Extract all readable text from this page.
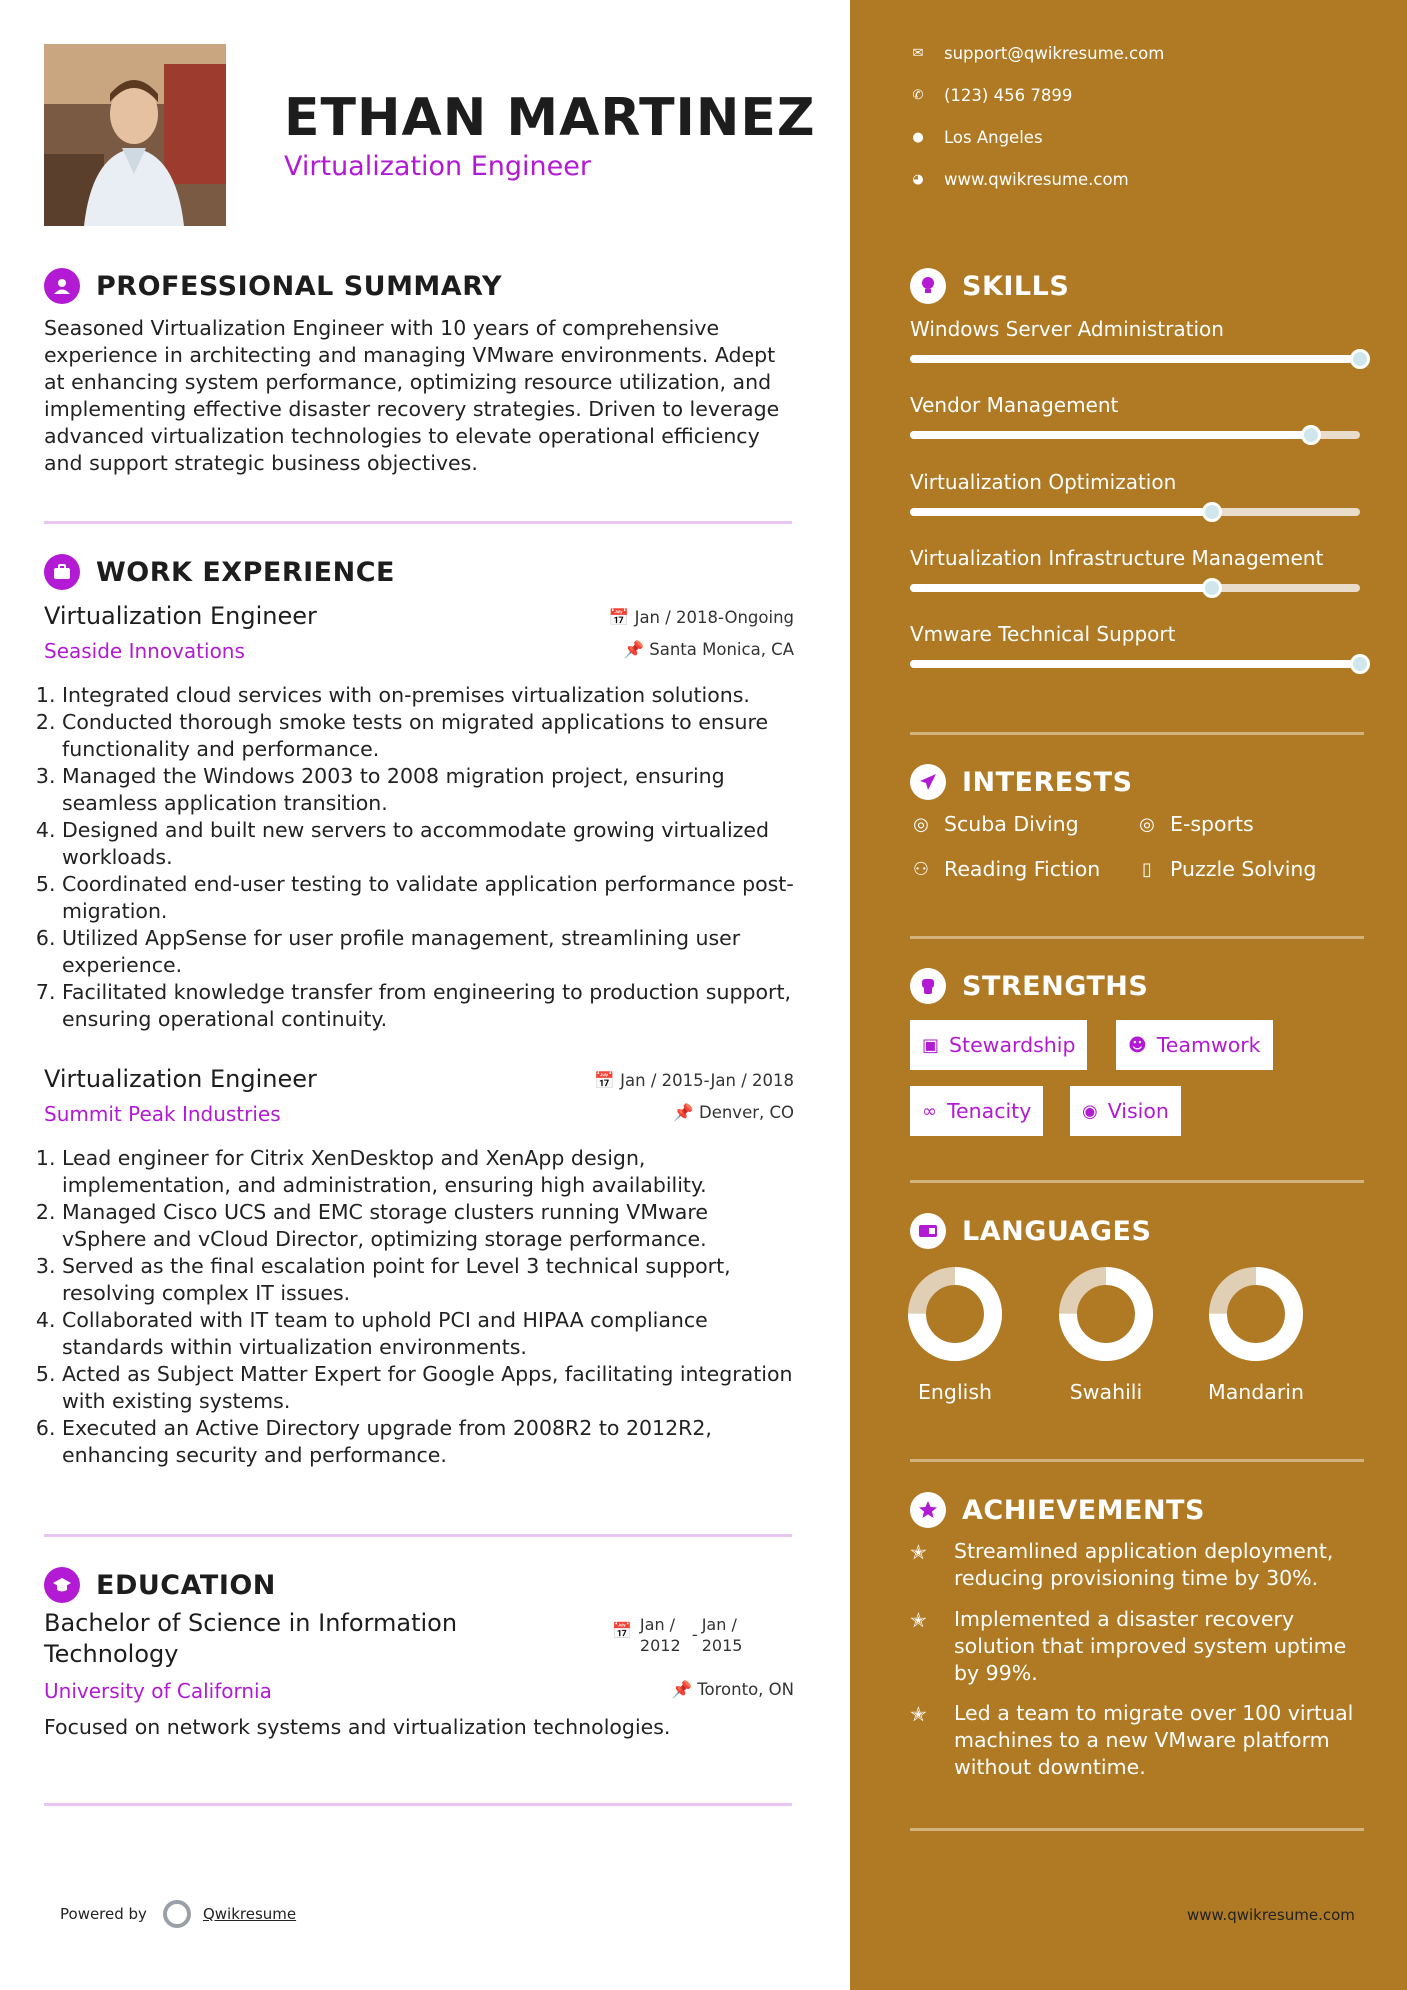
ETHAN MARTINEZ
Virtualization Engineer
PROFESSIONAL SUMMARY
Seasoned Virtualization Engineer with 10 years of comprehensive experience in architecting and managing VMware environments. Adept at enhancing system performance, optimizing resource utilization, and implementing effective disaster recovery strategies. Driven to leverage advanced virtualization technologies to elevate operational efficiency and support strategic business objectives.
WORK EXPERIENCE
📅 Jan / 2018-Ongoing
📌 Santa Monica, CA
Virtualization Engineer
Seaside Innovations
1. Integrated cloud services with on-premises virtualization solutions.
2. Conducted thorough smoke tests on migrated applications to ensure functionality and performance.
3. Managed the Windows 2003 to 2008 migration project, ensuring seamless application transition.
4. Designed and built new servers to accommodate growing virtualized workloads.
5. Coordinated end-user testing to validate application performance post-migration.
6. Utilized AppSense for user profile management, streamlining user experience.
7. Facilitated knowledge transfer from engineering to production support, ensuring operational continuity.
📅 Jan / 2015-Jan / 2018
📌 Denver, CO
Virtualization Engineer
Summit Peak Industries
1. Lead engineer for Citrix XenDesktop and XenApp design, implementation, and administration, ensuring high availability.
2. Managed Cisco UCS and EMC storage clusters running VMware vSphere and vCloud Director, optimizing storage performance.
3. Served as the final escalation point for Level 3 technical support, resolving complex IT issues.
4. Collaborated with IT team to uphold PCI and HIPAA compliance standards within virtualization environments.
5. Acted as Subject Matter Expert for Google Apps, facilitating integration with existing systems.
6. Executed an Active Directory upgrade from 2008R2 to 2012R2, enhancing security and performance.
EDUCATION
Bachelor of Science in Information Technology
📅 Jan / 2012
-
Jan / 2015
University of California	📌 Toronto, ON
Focused on network systems and virtualization technologies.
Powered by	Qwikresume
✉ support@qwikresume.com
✆ (123) 456 7899
● Los Angeles
◕ www.qwikresume.com
SKILLS
Windows Server Administration
Vendor Management
Virtualization Optimization
Virtualization Infrastructure Management
Vmware Technical Support
INTERESTS
◎ Scuba Diving	◎ E-sports
⚇ Reading Fiction	▯ Puzzle Solving
STRENGTHS
▣ Stewardship	☻ Teamwork
∞ Tenacity	◉ Vision
LANGUAGES
English	Swahili	Mandarin
ACHIEVEMENTS
✭	Streamlined application deployment, reducing provisioning time by 30%.
✭	Implemented a disaster recovery solution that improved system uptime by 99%.
✭	Led a team to migrate over 100 virtual machines to a new VMware platform without downtime.
www.qwikresume.com
